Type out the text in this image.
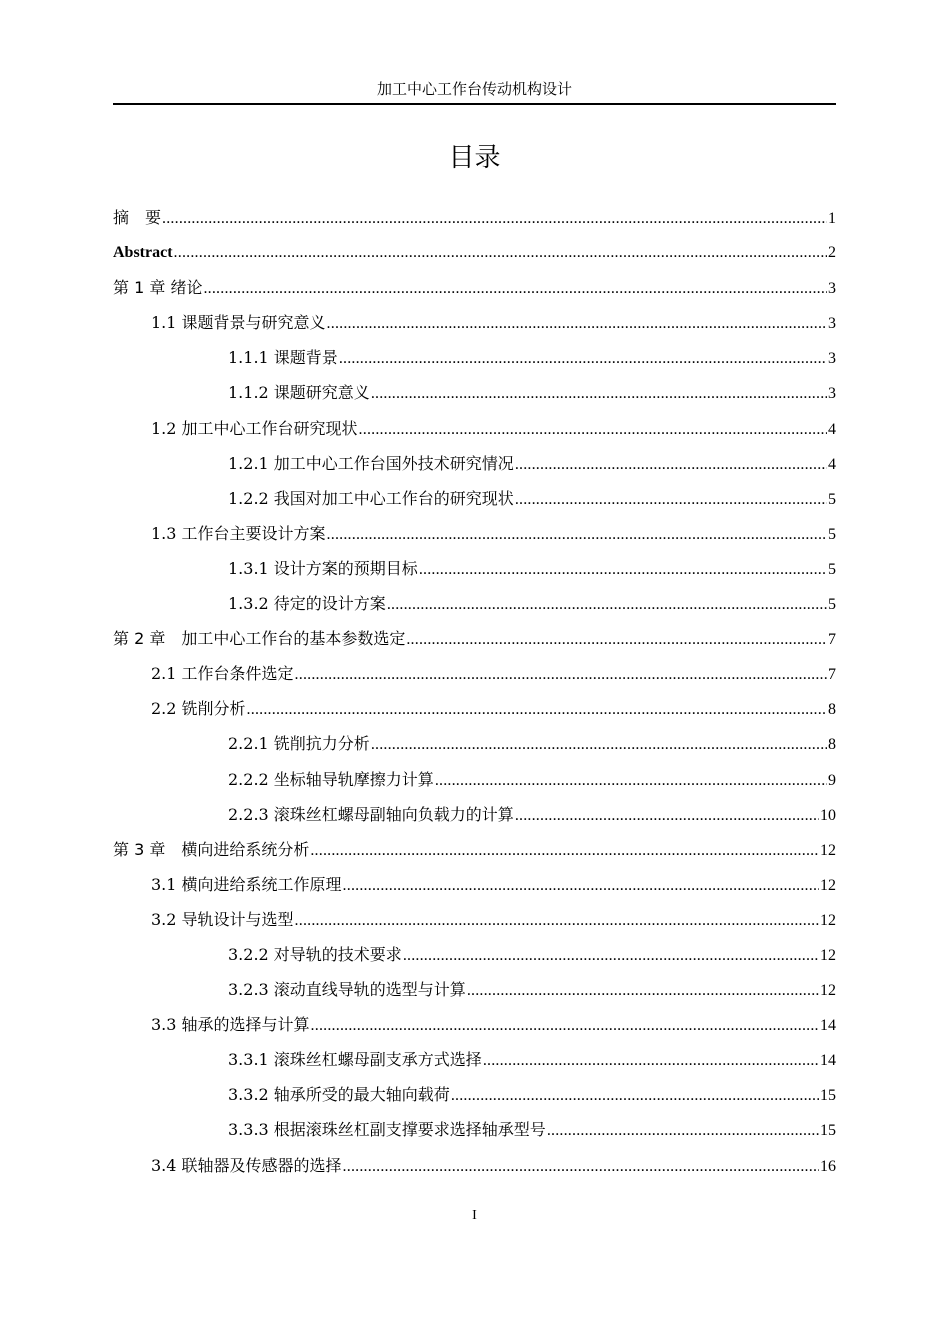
加工中心工作台传动机构设计
目录
摘　要 .....	1
Abstract .....	2
第 1 章 绪论 .....	3
1.1 课题背景与研究意义 .....	3
1.1.1 课题背景 .....	3
1.1.2 课题研究意义 .....	3
1.2 加工中心工作台研究现状 .....	4
1.2.1 加工中心工作台国外技术研究情况 .....	4
1.2.2 我国对加工中心工作台的研究现状 .....	5
1.3 工作台主要设计方案 .....	5
1.3.1 设计方案的预期目标 .....	5
1.3.2 待定的设计方案 .....	5
第 2 章　加工中心工作台的基本参数选定 .....	7
2.1 工作台条件选定 .....	7
2.2 铣削分析 .....	8
2.2.1 铣削抗力分析 .....	8
2.2.2 坐标轴导轨摩擦力计算 .....	9
2.2.3 滚珠丝杠螺母副轴向负载力的计算 .....	10
第 3 章　横向进给系统分析 .....	12
3.1 横向进给系统工作原理 .....	12
3.2 导轨设计与选型 .....	12
3.2.2 对导轨的技术要求 .....	12
3.2.3 滚动直线导轨的选型与计算 .....	12
3.3 轴承的选择与计算 .....	14
3.3.1 滚珠丝杠螺母副支承方式选择 .....	14
3.3.2 轴承所受的最大轴向载荷 .....	15
3.3.3 根据滚珠丝杠副支撑要求选择轴承型号 .....	15
3.4 联轴器及传感器的选择 .....	16
I
